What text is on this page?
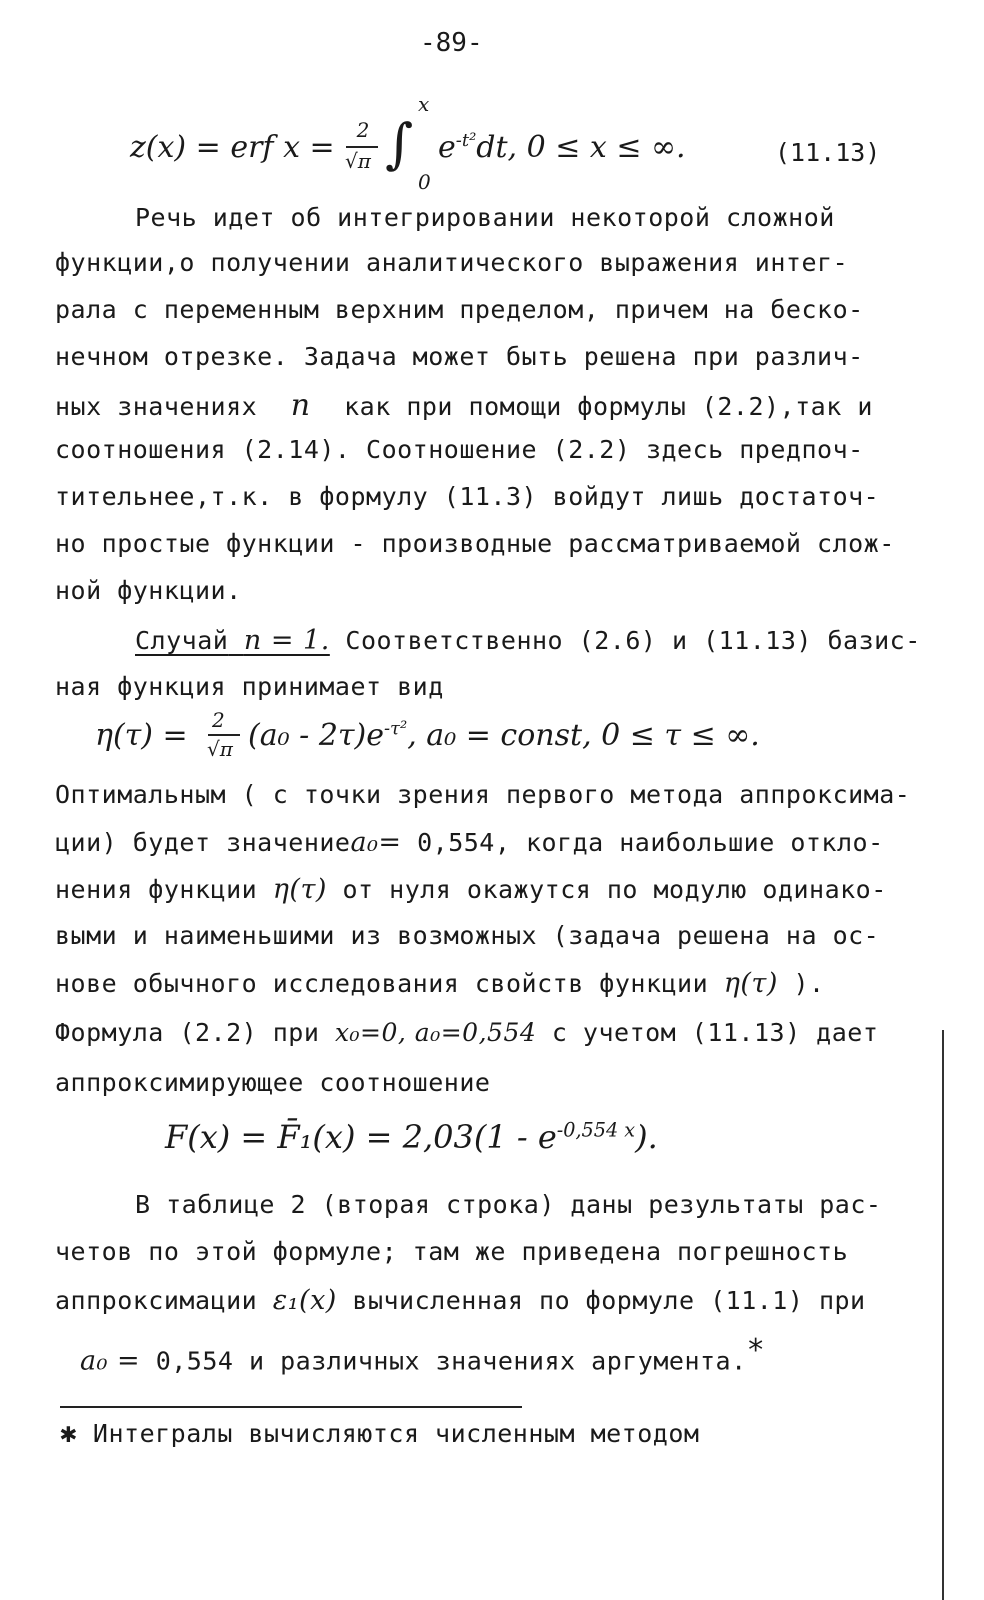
-89-
z(x) = erf x =	2
√π
x
∫
0
$e^{-t^2}dt$, 0 ≤ x ≤ ∞.	(11.13)
Речь идет об интегрировании некоторой сложной
функции,о получении аналитического выражения интег-
рала с переменным верхним пределом, причем на беско-
нечном отрезке. Задача может быть решена при различ-
ных значениях n как при помощи формулы (2.2),так и
соотношения (2.14). Соотношение (2.2) здесь предпоч-
тительнее,т.к. в формулу (11.3) войдут лишь достаточ-
но простые функции - производные рассматриваемой слож-
ной функции.
Случай n = 1. Соответственно (2.6) и (11.13) базис-
ная функция принимает вид
η(τ) = 2
√π $(a_0 - 2\tau)e^{-\tau^2}$, a₀ = const, 0 ≤ τ ≤ ∞.
Оптимальным ( с точки зрения первого метода аппроксима-
ции) будет значениеa₀= 0,554, когда наибольшие откло-
нения функции η(τ) от нуля окажутся по модулю одинако-
выми и наименьшими из возможных (задача решена на ос-
нове обычного исследования свойств функции η(τ) ).
Формула (2.2) при x₀=0, a₀=0,554 с учетом (11.13) дает
аппроксимирующее соотношение
F(x) = F̄₁(x) = $2,03(1 - e^{-0,554 x})$.
В таблице 2 (вторая строка) даны результаты рас-
четов по этой формуле; там же приведена погрешность
аппроксимации ε₁(x) вычисленная по формуле (11.1) при
a₀ = 0,554 и различных значениях аргумента.*
✱ Интегралы вычисляются численным методом
